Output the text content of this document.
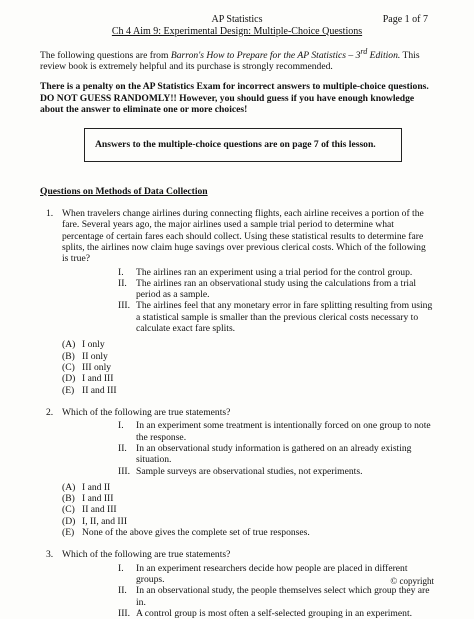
AP Statistics	Page 1 of 7
Ch 4 Aim 9: Experimental Design: Multiple-Choice Questions

The following questions are from Barron's How to Prepare for the AP Statistics – 3rd Edition. This review book is extremely helpful and its purchase is strongly recommended.

There is a penalty on the AP Statistics Exam for incorrect answers to multiple-choice questions. DO NOT GUESS RANDOMLY!! However, you should guess if you have enough knowledge about the answer to eliminate one or more choices!

Answers to the multiple-choice questions are on page 7 of this lesson.
Questions on Methods of Data Collection
1. When travelers change airlines during connecting flights, each airline receives a portion of the fare. Several years ago, the major airlines used a sample trial period to determine what percentage of certain fares each should collect. Using these statistical results to determine fare splits, the airlines now claim huge savings over previous clerical costs. Which of the following is true?

I. The airlines ran an experiment using a trial period for the control group.
II. The airlines ran an observational study using the calculations from a trial period as a sample.
III. The airlines feel that any monetary error in fare splitting resulting from using a statistical sample is smaller than the previous clerical costs necessary to calculate exact fare splits.
(A) I only
(B) II only
(C) III only
(D) I and III
(E) II and III
2. Which of the following are true statements?

I. In an experiment some treatment is intentionally forced on one group to note the response.
II. In an observational study information is gathered on an already existing situation.
III. Sample surveys are observational studies, not experiments.
(A) I and II
(B) I and III
(C) II and III
(D) I, II, and III
(E) None of the above gives the complete set of true responses.
3. Which of the following are true statements?

I. In an experiment researchers decide how people are placed in different groups.
II. In an observational study, the people themselves select which group they are in.
III. A control group is most often a self-selected grouping in an experiment.
© copyright
